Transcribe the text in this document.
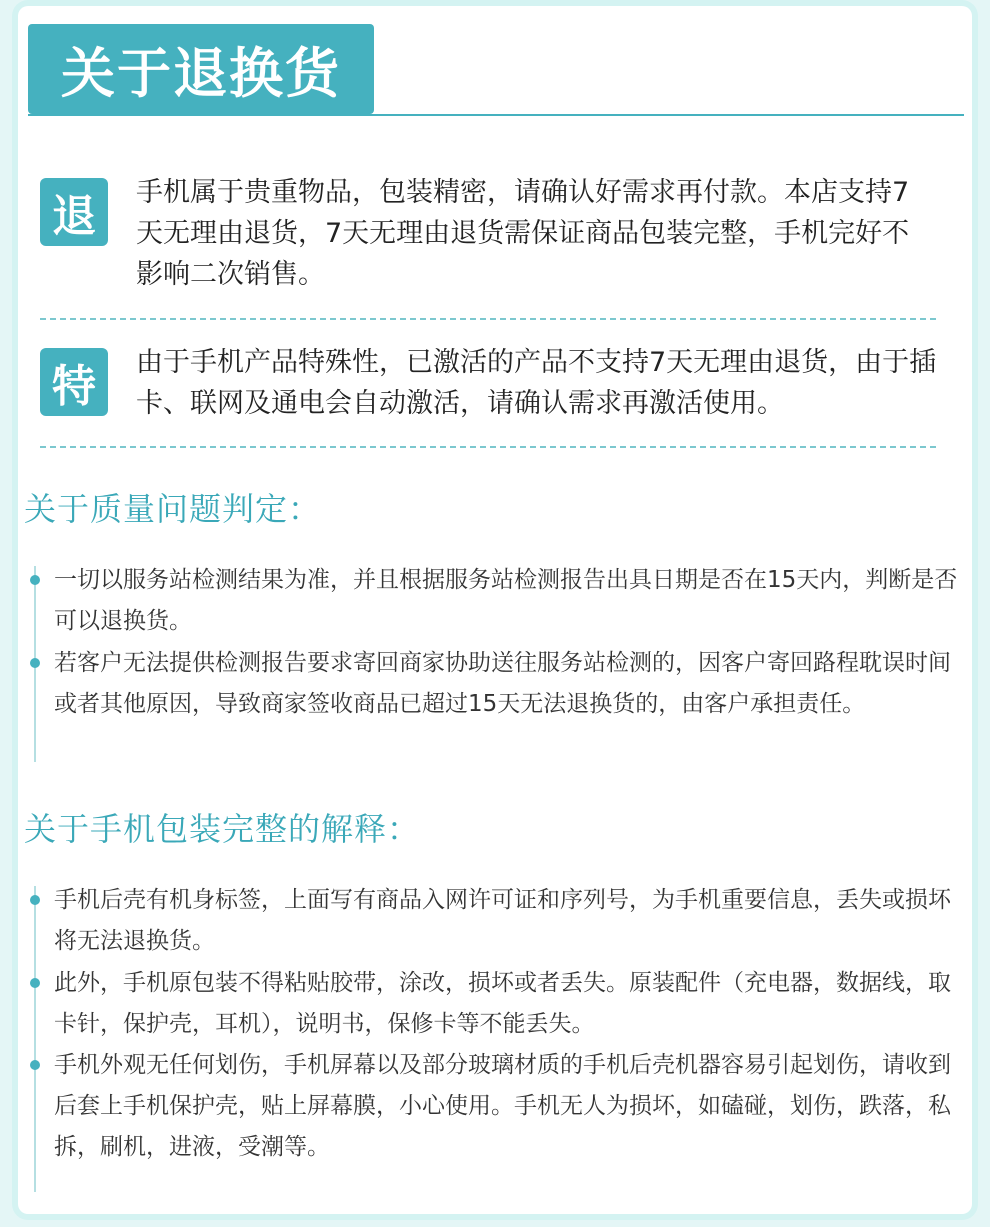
关于退换货
退	手机属于贵重物品，包装精密，请确认好需求再付款。本店支持7天无理由退货，7天无理由退货需保证商品包装完整，手机完好不影响二次销售。
特	由于手机产品特殊性，已激活的产品不支持7天无理由退货，由于插卡、联网及通电会自动激活，请确认需求再激活使用。
关于质量问题判定：
一切以服务站检测结果为准，并且根据服务站检测报告出具日期是否在15天内，判断是否可以退换货。
若客户无法提供检测报告要求寄回商家协助送往服务站检测的，因客户寄回路程耽误时间或者其他原因，导致商家签收商品已超过15天无法退换货的，由客户承担责任。
关于手机包装完整的解释：
手机后壳有机身标签，上面写有商品入网许可证和序列号，为手机重要信息，丢失或损坏将无法退换货。
此外，手机原包装不得粘贴胶带，涂改，损坏或者丢失。原装配件（充电器，数据线，取卡针，保护壳，耳机），说明书，保修卡等不能丢失。
手机外观无任何划伤，手机屏幕以及部分玻璃材质的手机后壳机器容易引起划伤，请收到后套上手机保护壳，贴上屏幕膜，小心使用。手机无人为损坏，如磕碰，划伤，跌落，私拆，刷机，进液，受潮等。
